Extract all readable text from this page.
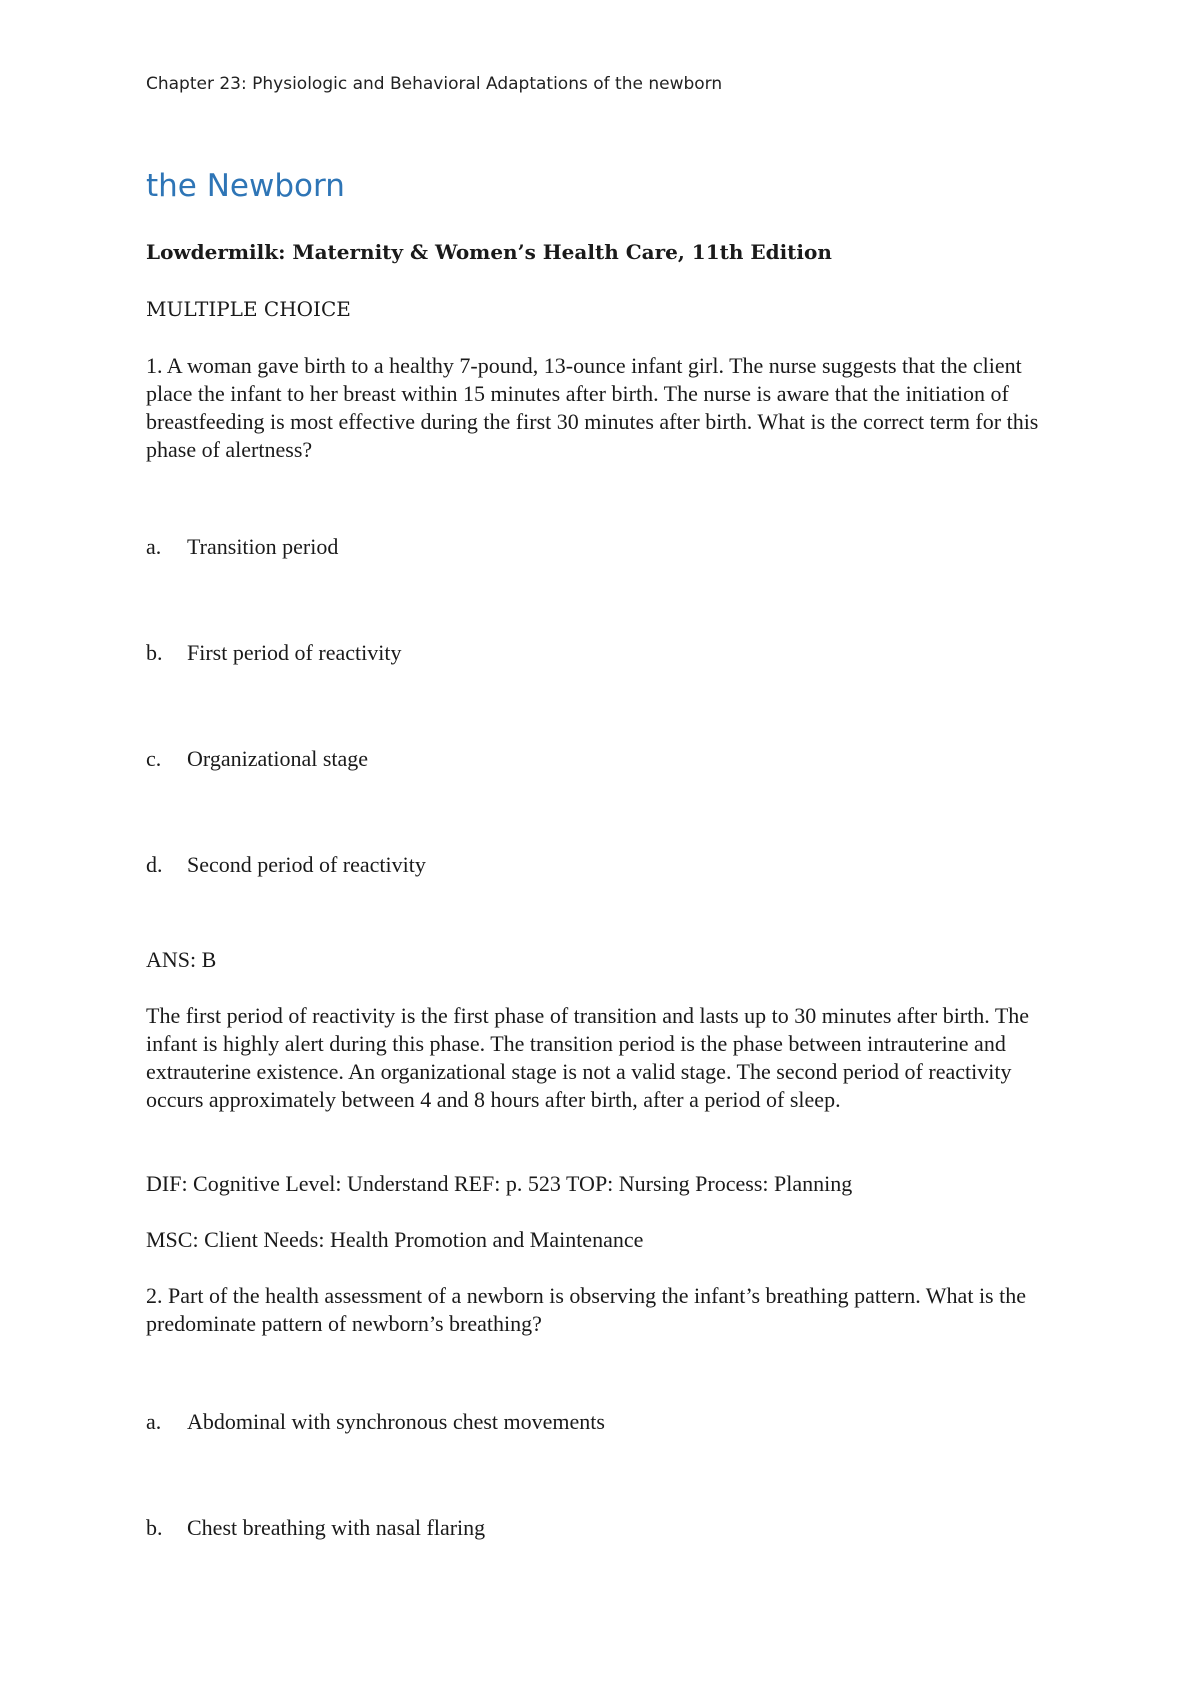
Chapter 23: Physiologic and Behavioral Adaptations of the newborn
the Newborn
Lowdermilk: Maternity & Women’s Health Care, 11th Edition
MULTIPLE CHOICE
1. A woman gave birth to a healthy 7-pound, 13-ounce infant girl. The nurse suggests that the client place the infant to her breast within 15 minutes after birth. The nurse is aware that the initiation of breastfeeding is most effective during the first 30 minutes after birth. What is the correct term for this phase of alertness?
a. Transition period
b. First period of reactivity
c. Organizational stage
d. Second period of reactivity
ANS: B
The first period of reactivity is the first phase of transition and lasts up to 30 minutes after birth. The infant is highly alert during this phase. The transition period is the phase between intrauterine and extrauterine existence. An organizational stage is not a valid stage. The second period of reactivity occurs approximately between 4 and 8 hours after birth, after a period of sleep.
DIF: Cognitive Level: Understand REF: p. 523 TOP: Nursing Process: Planning
MSC: Client Needs: Health Promotion and Maintenance
2. Part of the health assessment of a newborn is observing the infant’s breathing pattern. What is the predominate pattern of newborn’s breathing?
a. Abdominal with synchronous chest movements
b. Chest breathing with nasal flaring
